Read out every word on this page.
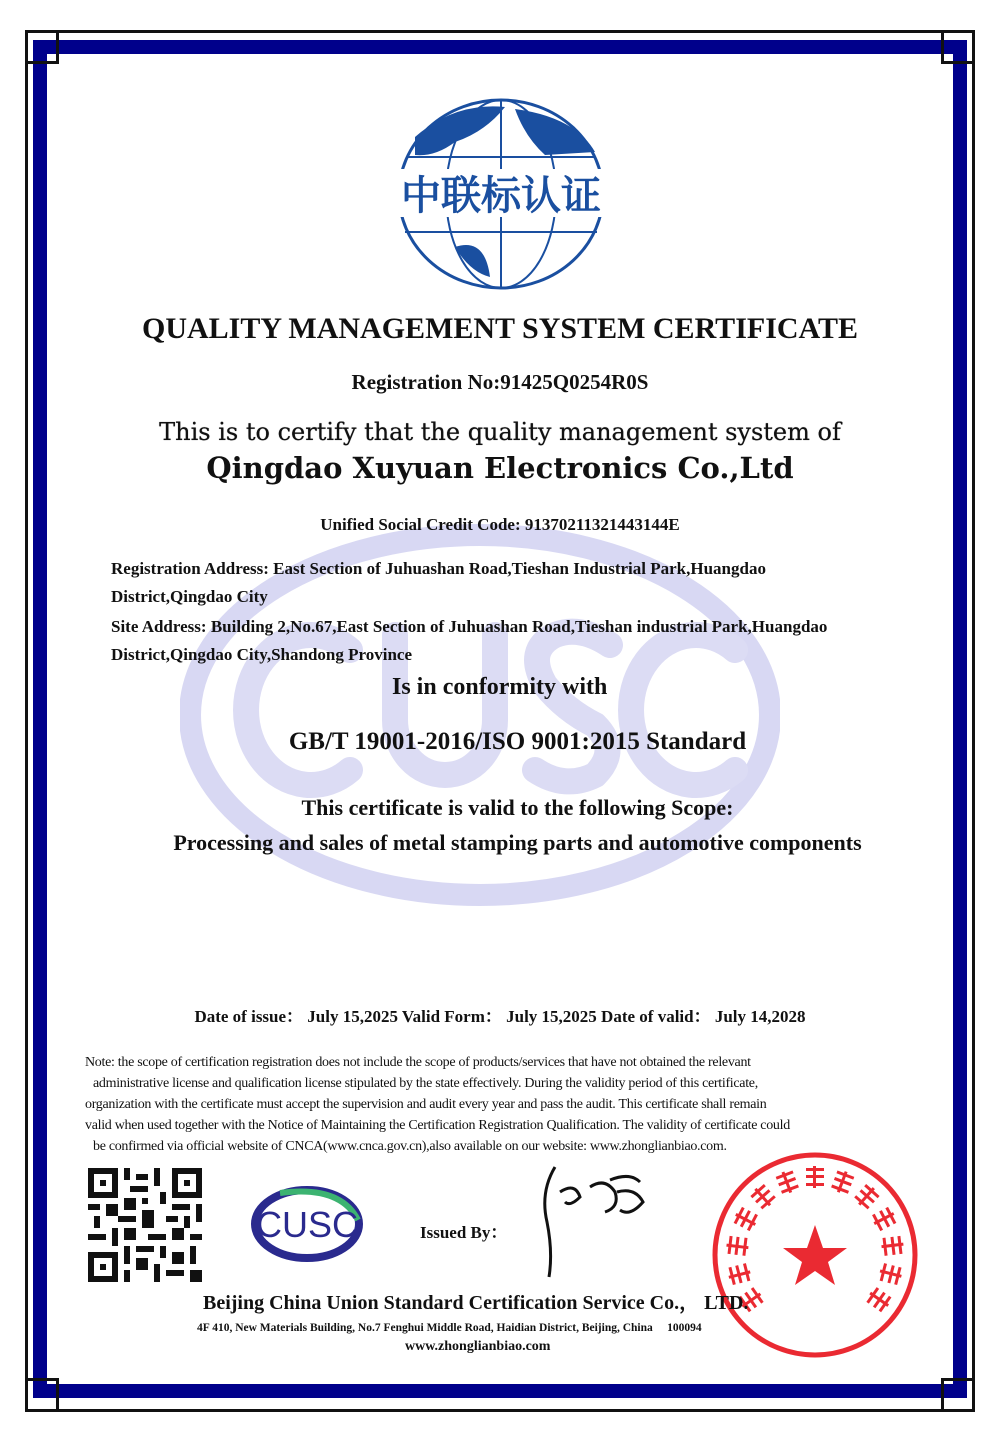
中联标认证
QUALITY MANAGEMENT SYSTEM CERTIFICATE
Registration No:91425Q0254R0S
This is to certify that the quality management system of
Qingdao Xuyuan Electronics Co.,Ltd
Unified Social Credit Code: 91370211321443144E
Registration Address: East Section of Juhuashan Road,Tieshan Industrial Park,Huangdao
District,Qingdao City
Site Address: Building 2,No.67,East Section of Juhuashan Road,Tieshan industrial Park,Huangdao
District,Qingdao City,Shandong Province
Is in conformity with
GB/T 19001-2016/ISO 9001:2015 Standard
This certificate is valid to the following Scope:
Processing and sales of metal stamping parts and automotive components
Date of issue： July 15,2025 Valid Form： July 15,2025 Date of valid： July 14,2028
Note: the scope of certification registration does not include the scope of products/services that have not obtained the relevant
administrative license and qualification license stipulated by the state effectively. During the validity period of this certificate,
organization with the certificate must accept the supervision and audit every year and pass the audit. This certificate shall remain
valid when used together with the Notice of Maintaining the Certification Registration Qualification. The validity of certificate could
be confirmed via official website of CNCA(www.cnca.gov.cn),also available on our website: www.zhonglianbiao.com.
CUSC	Issued By：
Beijing China Union Standard Certification Service Co.， LTD.
4F 410, New Materials Building, No.7 Fenghui Middle Road, Haidian District, Beijing, China　 100094
www.zhonglianbiao.com
